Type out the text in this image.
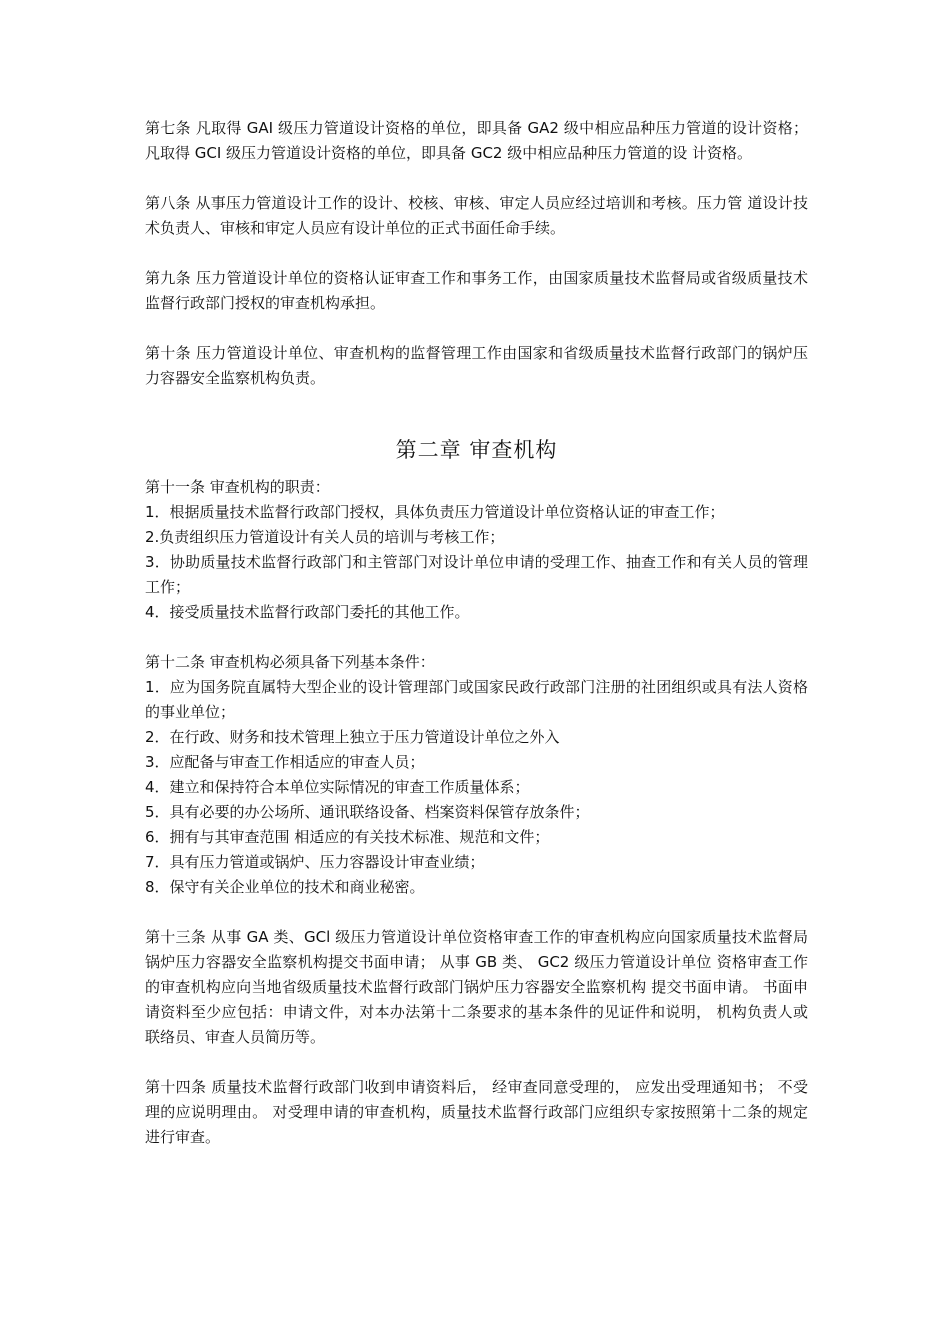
第七条 凡取得 GAI 级压力管道设计资格的单位，即具备 GA2 级中相应品种压力管道的设计资格；凡取得 GCI 级压力管道设计资格的单位，即具备 GC2 级中相应品种压力管道的设 计资格。

第八条 从事压力管道设计工作的设计、校核、审核、审定人员应经过培训和考核。压力管 道设计技术负责人、审核和审定人员应有设计单位的正式书面任命手续。

第九条 压力管道设计单位的资格认证审查工作和事务工作，由国家质量技术监督局或省级质量技术监督行政部门授权的审查机构承担。

第十条 压力管道设计单位、审查机构的监督管理工作由国家和省级质量技术监督行政部门的锅炉压力容器安全监察机构负责。

第二章 审查机构

第十一条 审查机构的职责：

1．根据质量技术监督行政部门授权，具体负责压力管道设计单位资格认证的审查工作；

2.负责组织压力管道设计有关人员的培训与考核工作；

3．协助质量技术监督行政部门和主管部门对设计单位申请的受理工作、抽查工作和有关人员的管理工作；

4．接受质量技术监督行政部门委托的其他工作。

第十二条 审查机构必须具备下列基本条件：

1．应为国务院直属特大型企业的设计管理部门或国家民政行政部门注册的社团组织或具有法人资格的事业单位；

2．在行政、财务和技术管理上独立于压力管道设计单位之外入

3．应配备与审查工作相适应的审查人员；

4．建立和保持符合本单位实际情况的审查工作质量体系；

5．具有必要的办公场所、通讯联络设备、档案资料保管存放条件；

6．拥有与其审查范围 相适应的有关技术标准、规范和文件；

7．具有压力管道或锅炉、压力容器设计审查业绩；

8．保守有关企业单位的技术和商业秘密。

第十三条 从事 GA 类、GCl 级压力管道设计单位资格审查工作的审查机构应向国家质量技术监督局锅炉压力容器安全监察机构提交书面申请； 从事 GB 类、 GC2 级压力管道设计单位 资格审查工作的审查机构应向当地省级质量技术监督行政部门锅炉压力容器安全监察机构 提交书面申请。 书面申请资料至少应包括：申请文件，对本办法第十二条要求的基本条件的见证件和说明， 机构负责人或联络员、审查人员简历等。

第十四条 质量技术监督行政部门收到申请资料后， 经审查同意受理的， 应发出受理通知书； 不受理的应说明理由。 对受理申请的审查机构，质量技术监督行政部门应组织专家按照第十二条的规定进行审查。
